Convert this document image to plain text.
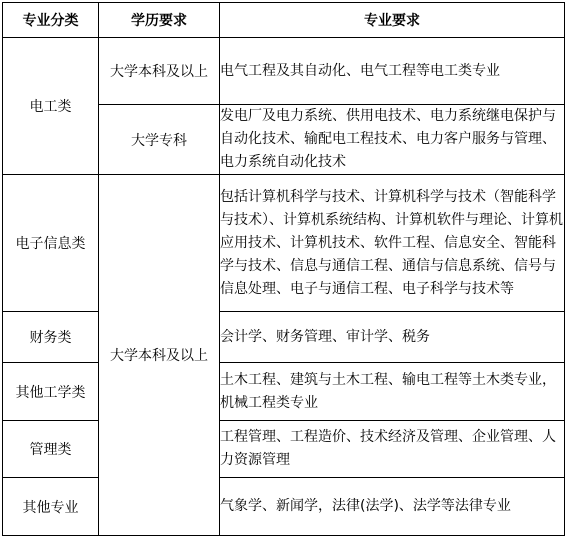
专业分类	学历要求	专业要求
电工类	大学本科及以上	电气工程及其自动化、电气工程等电工类专业
	大学专科	发电厂及电力系统、供用电技术、电力系统继电保护与自动化技术、输配电工程技术、电力客户服务与管理、电力系统自动化技术
电子信息类	大学本科及以上	包括计算机科学与技术、计算机科学与技术（智能科学与技术）、计算机系统结构、计算机软件与理论、计算机应用技术、计算机技术、软件工程、信息安全、智能科学与技术、信息与通信工程、通信与信息系统、信号与信息处理、电子与通信工程、电子科学与技术等
财务类		会计学、财务管理、审计学、税务
其他工学类		土木工程、建筑与土木工程、输电工程等土木类专业，机械工程类专业
管理类		工程管理、工程造价、技术经济及管理、企业管理、人力资源管理
其他专业		气象学、新闻学，法律(法学)、法学等法律专业
